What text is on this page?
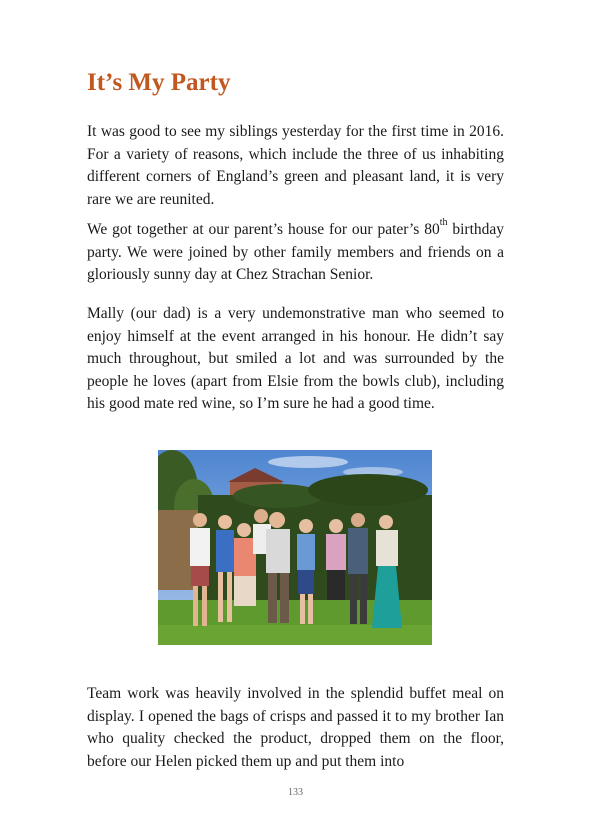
It’s My Party

It was good to see my siblings yesterday for the first time in 2016. For a variety of reasons, which include the three of us inhabiting different corners of England’s green and pleasant land, it is very rare we are reunited.

We got together at our parent’s house for our pater’s 80th birthday party. We were joined by other family members and friends on a gloriously sunny day at Chez Strachan Senior.

Mally (our dad) is a very undemonstrative man who seemed to enjoy himself at the event arranged in his honour. He didn’t say much throughout, but smiled a lot and was surrounded by the people he loves (apart from Elsie from the bowls club), including his good mate red wine, so I’m sure he had a good time.

Team work was heavily involved in the splendid buffet meal on display. I opened the bags of crisps and passed it to my brother Ian who quality checked the product, dropped them on the floor, before our Helen picked them up and put them into

133
